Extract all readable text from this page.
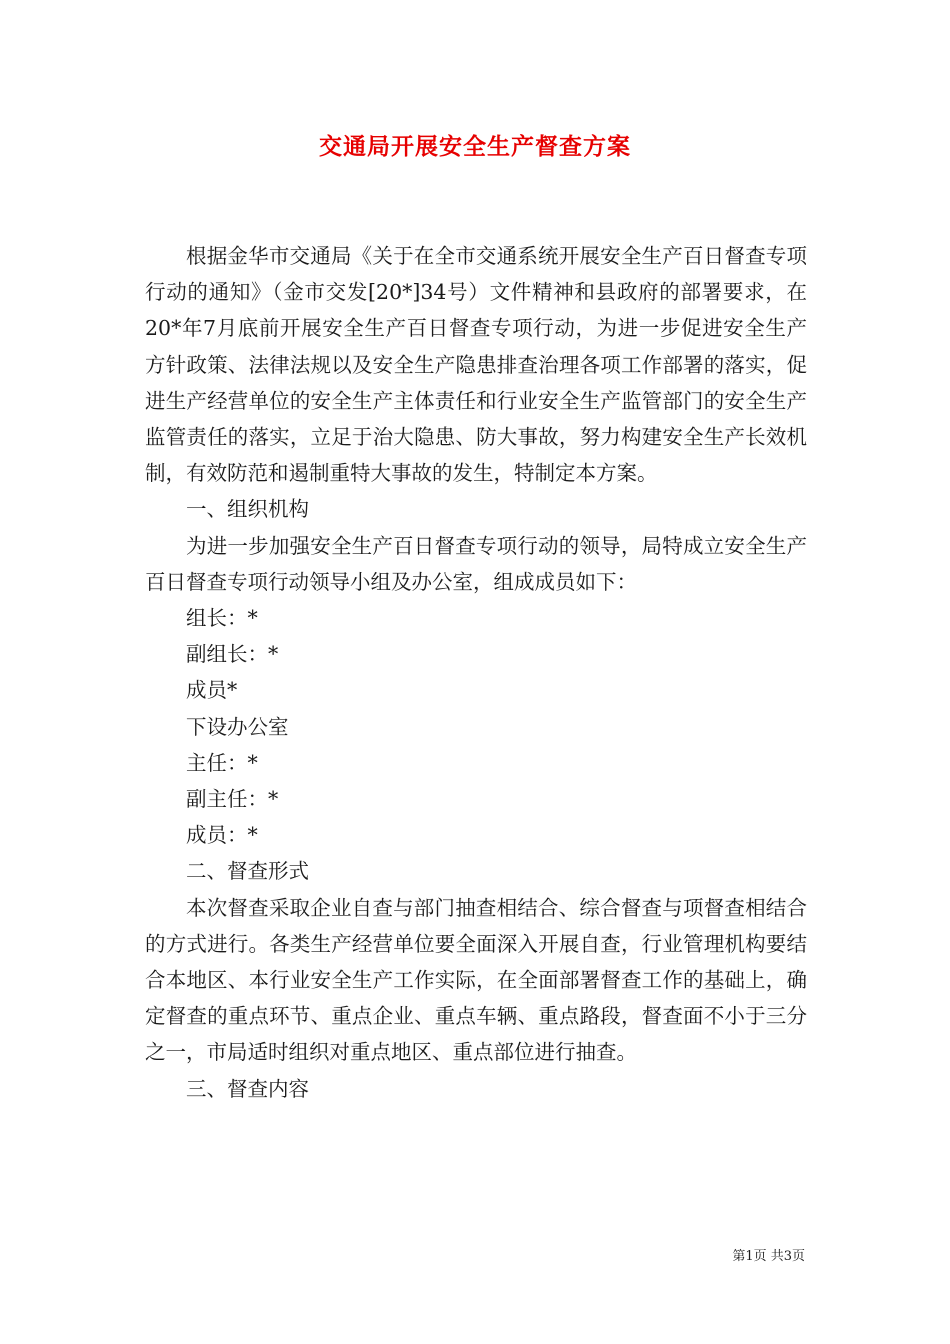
交通局开展安全生产督查方案

根据金华市交通局《关于在全市交通系统开展安全生产百日督查专项行动的通知》（金市交发[20*]34号）文件精神和县政府的部署要求，在20*年7月底前开展安全生产百日督查专项行动，为进一步促进安全生产方针政策、法律法规以及安全生产隐患排查治理各项工作部署的落实，促进生产经营单位的安全生产主体责任和行业安全生产监管部门的安全生产监管责任的落实，立足于治大隐患、防大事故，努力构建安全生产长效机制，有效防范和遏制重特大事故的发生，特制定本方案。

一、组织机构

为进一步加强安全生产百日督查专项行动的领导，局特成立安全生产百日督查专项行动领导小组及办公室，组成成员如下：

组长：*

副组长：*

成员*

下设办公室

主任：*

副主任：*

成员：*

二、督查形式

本次督查采取企业自查与部门抽查相结合、综合督查与项督查相结合的方式进行。各类生产经营单位要全面深入开展自查，行业管理机构要结合本地区、本行业安全生产工作实际，在全面部署督查工作的基础上，确定督查的重点环节、重点企业、重点车辆、重点路段，督查面不小于三分之一，市局适时组织对重点地区、重点部位进行抽查。

三、督查内容

第1页 共3页
